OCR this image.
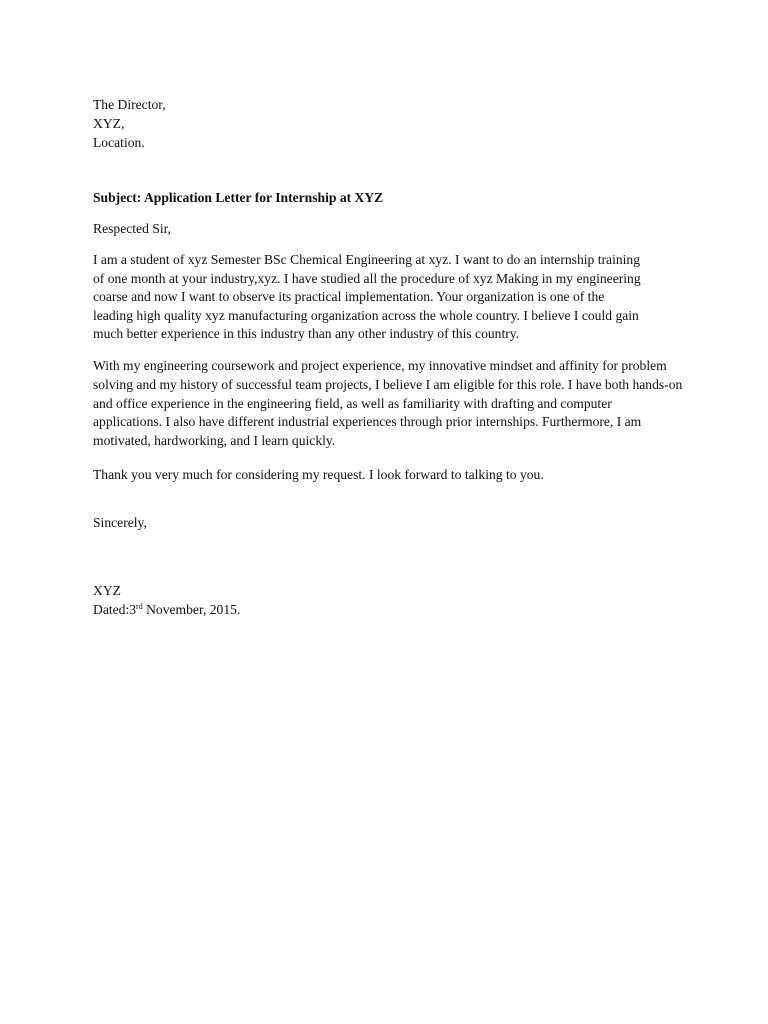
The Director,
XYZ,
Location.
Subject: Application Letter for Internship at XYZ
Respected Sir,
I am a student of xyz Semester BSc Chemical Engineering at xyz. I want to do an internship training
of one month at your industry,xyz. I have studied all the procedure of xyz Making in my engineering
coarse and now I want to observe its practical implementation. Your organization is one of the
leading high quality xyz manufacturing organization across the whole country. I believe I could gain
much better experience in this industry than any other industry of this country.
With my engineering coursework and project experience, my innovative mindset and affinity for problem
solving and my history of successful team projects, I believe I am eligible for this role. I have both hands-on
and office experience in the engineering field, as well as familiarity with drafting and computer
applications. I also have different industrial experiences through prior internships. Furthermore, I am
motivated, hardworking, and I learn quickly.
Thank you very much for considering my request. I look forward to talking to you.
Sincerely,
XYZ
Dated:3rd November, 2015.
